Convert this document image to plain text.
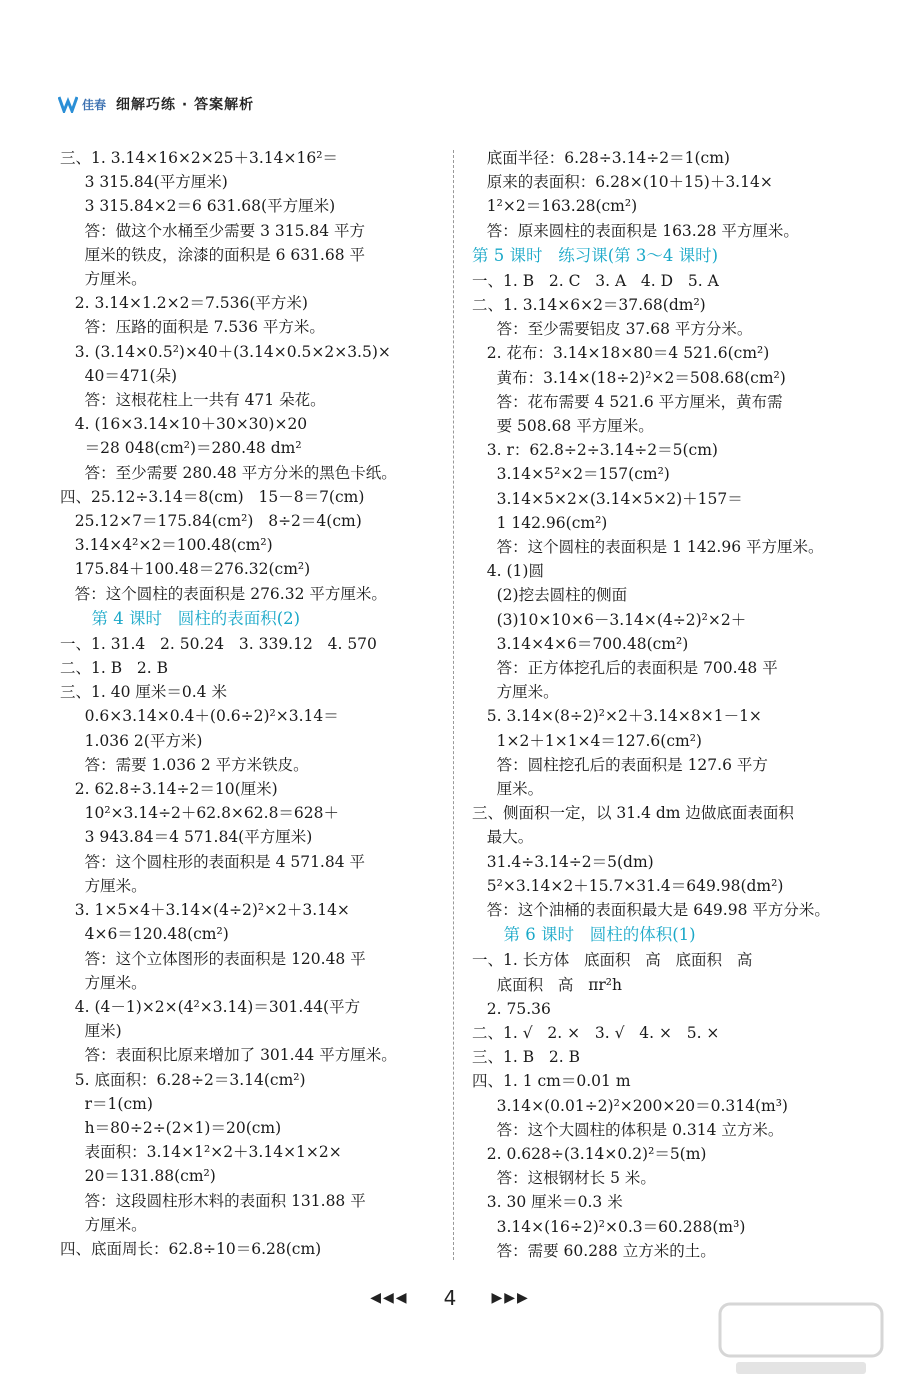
佳春 细解巧练 · 答案解析
三、1. 3.14×16×2×25＋3.14×16²＝
3 315.84(平方厘米)
3 315.84×2＝6 631.68(平方厘米)
答：做这个水桶至少需要 3 315.84 平方
厘米的铁皮，涂漆的面积是 6 631.68 平
方厘米。
2. 3.14×1.2×2＝7.536(平方米)
答：压路的面积是 7.536 平方米。
3. (3.14×0.5²)×40＋(3.14×0.5×2×3.5)×
40＝471(朵)
答：这根花柱上一共有 471 朵花。
4. (16×3.14×10＋30×30)×20
＝28 048(cm²)＝280.48 dm²
答：至少需要 280.48 平方分米的黑色卡纸。
四、25.12÷3.14＝8(cm)   15－8＝7(cm)
25.12×7＝175.84(cm²)   8÷2＝4(cm)
3.14×4²×2＝100.48(cm²)
175.84＋100.48＝276.32(cm²)
答：这个圆柱的表面积是 276.32 平方厘米。
第 4 课时   圆柱的表面积(2)
一、1. 31.4   2. 50.24   3. 339.12   4. 570
二、1. B   2. B
三、1. 40 厘米＝0.4 米
0.6×3.14×0.4＋(0.6÷2)²×3.14＝
1.036 2(平方米)
答：需要 1.036 2 平方米铁皮。
2. 62.8÷3.14÷2＝10(厘米)
10²×3.14÷2＋62.8×62.8＝628＋
3 943.84＝4 571.84(平方厘米)
答：这个圆柱形的表面积是 4 571.84 平
方厘米。
3. 1×5×4＋3.14×(4÷2)²×2＋3.14×
4×6＝120.48(cm²)
答：这个立体图形的表面积是 120.48 平
方厘米。
4. (4－1)×2×(4²×3.14)＝301.44(平方
厘米)
答：表面积比原来增加了 301.44 平方厘米。
5. 底面积：6.28÷2＝3.14(cm²)
r＝1(cm)
h＝80÷2÷(2×1)＝20(cm)
表面积：3.14×1²×2＋3.14×1×2×
20＝131.88(cm²)
答：这段圆柱形木料的表面积 131.88 平
方厘米。
四、底面周长：62.8÷10＝6.28(cm)
底面半径：6.28÷3.14÷2＝1(cm)
原来的表面积：6.28×(10＋15)＋3.14×
1²×2＝163.28(cm²)
答：原来圆柱的表面积是 163.28 平方厘米。
第 5 课时   练习课(第 3～4 课时)
一、1. B   2. C   3. A   4. D   5. A
二、1. 3.14×6×2＝37.68(dm²)
答：至少需要铝皮 37.68 平方分米。
2. 花布：3.14×18×80＝4 521.6(cm²)
黄布：3.14×(18÷2)²×2＝508.68(cm²)
答：花布需要 4 521.6 平方厘米，黄布需
要 508.68 平方厘米。
3. r：62.8÷2÷3.14÷2＝5(cm)
3.14×5²×2＝157(cm²)
3.14×5×2×(3.14×5×2)＋157＝
1 142.96(cm²)
答：这个圆柱的表面积是 1 142.96 平方厘米。
4. (1)圆
(2)挖去圆柱的侧面
(3)10×10×6－3.14×(4÷2)²×2＋
3.14×4×6＝700.48(cm²)
答：正方体挖孔后的表面积是 700.48 平
方厘米。
5. 3.14×(8÷2)²×2＋3.14×8×1－1×
1×2＋1×1×4＝127.6(cm²)
答：圆柱挖孔后的表面积是 127.6 平方
厘米。
三、侧面积一定，以 31.4 dm 边做底面表面积
最大。
31.4÷3.14÷2＝5(dm)
5²×3.14×2＋15.7×31.4＝649.98(dm²)
答：这个油桶的表面积最大是 649.98 平方分米。
第 6 课时   圆柱的体积(1)
一、1. 长方体   底面积   高   底面积   高
底面积   高   πr²h
2. 75.36
二、1. √   2. ×   3. √   4. ×   5. ×
三、1. B   2. B
四、1. 1 cm＝0.01 m
3.14×(0.01÷2)²×200×20＝0.314(m³)
答：这个大圆柱的体积是 0.314 立方米。
2. 0.628÷(3.14×0.2)²＝5(m)
答：这根钢材长 5 米。
3. 30 厘米＝0.3 米
3.14×(16÷2)²×0.3＝60.288(m³)
答：需要 60.288 立方米的土。
◀◀◀ 4	▶▶▶
